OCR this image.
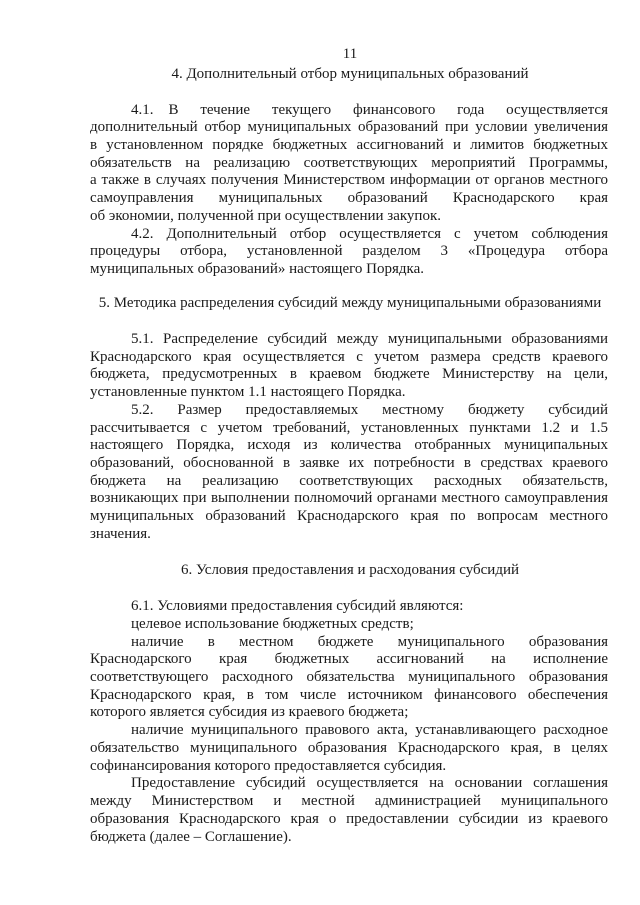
11
4. Дополнительный отбор муниципальных образований
4.1. В течение текущего финансового года осуществляется
дополнительный отбор муниципальных образований при условии увеличения
в установленном порядке бюджетных ассигнований и лимитов бюджетных
обязательств на реализацию соответствующих мероприятий Программы,
а также в случаях получения Министерством информации от органов местного
самоуправления муниципальных образований Краснодарского края
об экономии, полученной при осуществлении закупок.
4.2. Дополнительный отбор осуществляется с учетом соблюдения
процедуры отбора, установленной разделом 3 «Процедура отбора
муниципальных образований» настоящего Порядка.
5. Методика распределения субсидий между муниципальными образованиями
5.1. Распределение субсидий между муниципальными образованиями
Краснодарского края осуществляется с учетом размера средств краевого
бюджета, предусмотренных в краевом бюджете Министерству на цели,
установленные пунктом 1.1 настоящего Порядка.
5.2. Размер предоставляемых местному бюджету субсидий
рассчитывается с учетом требований, установленных пунктами 1.2 и 1.5
настоящего Порядка, исходя из количества отобранных муниципальных
образований, обоснованной в заявке их потребности в средствах краевого
бюджета на реализацию соответствующих расходных обязательств,
возникающих при выполнении полномочий органами местного самоуправления
муниципальных образований Краснодарского края по вопросам местного
значения.
6. Условия предоставления и расходования субсидий
6.1. Условиями предоставления субсидий являются:
целевое использование бюджетных средств;
наличие в местном бюджете муниципального образования
Краснодарского края бюджетных ассигнований на исполнение
соответствующего расходного обязательства муниципального образования
Краснодарского края, в том числе источником финансового обеспечения
которого является субсидия из краевого бюджета;
наличие муниципального правового акта, устанавливающего расходное
обязательство муниципального образования Краснодарского края, в целях
софинансирования которого предоставляется субсидия.
Предоставление субсидий осуществляется на основании соглашения
между Министерством и местной администрацией муниципального
образования Краснодарского края о предоставлении субсидии из краевого
бюджета (далее – Соглашение).
